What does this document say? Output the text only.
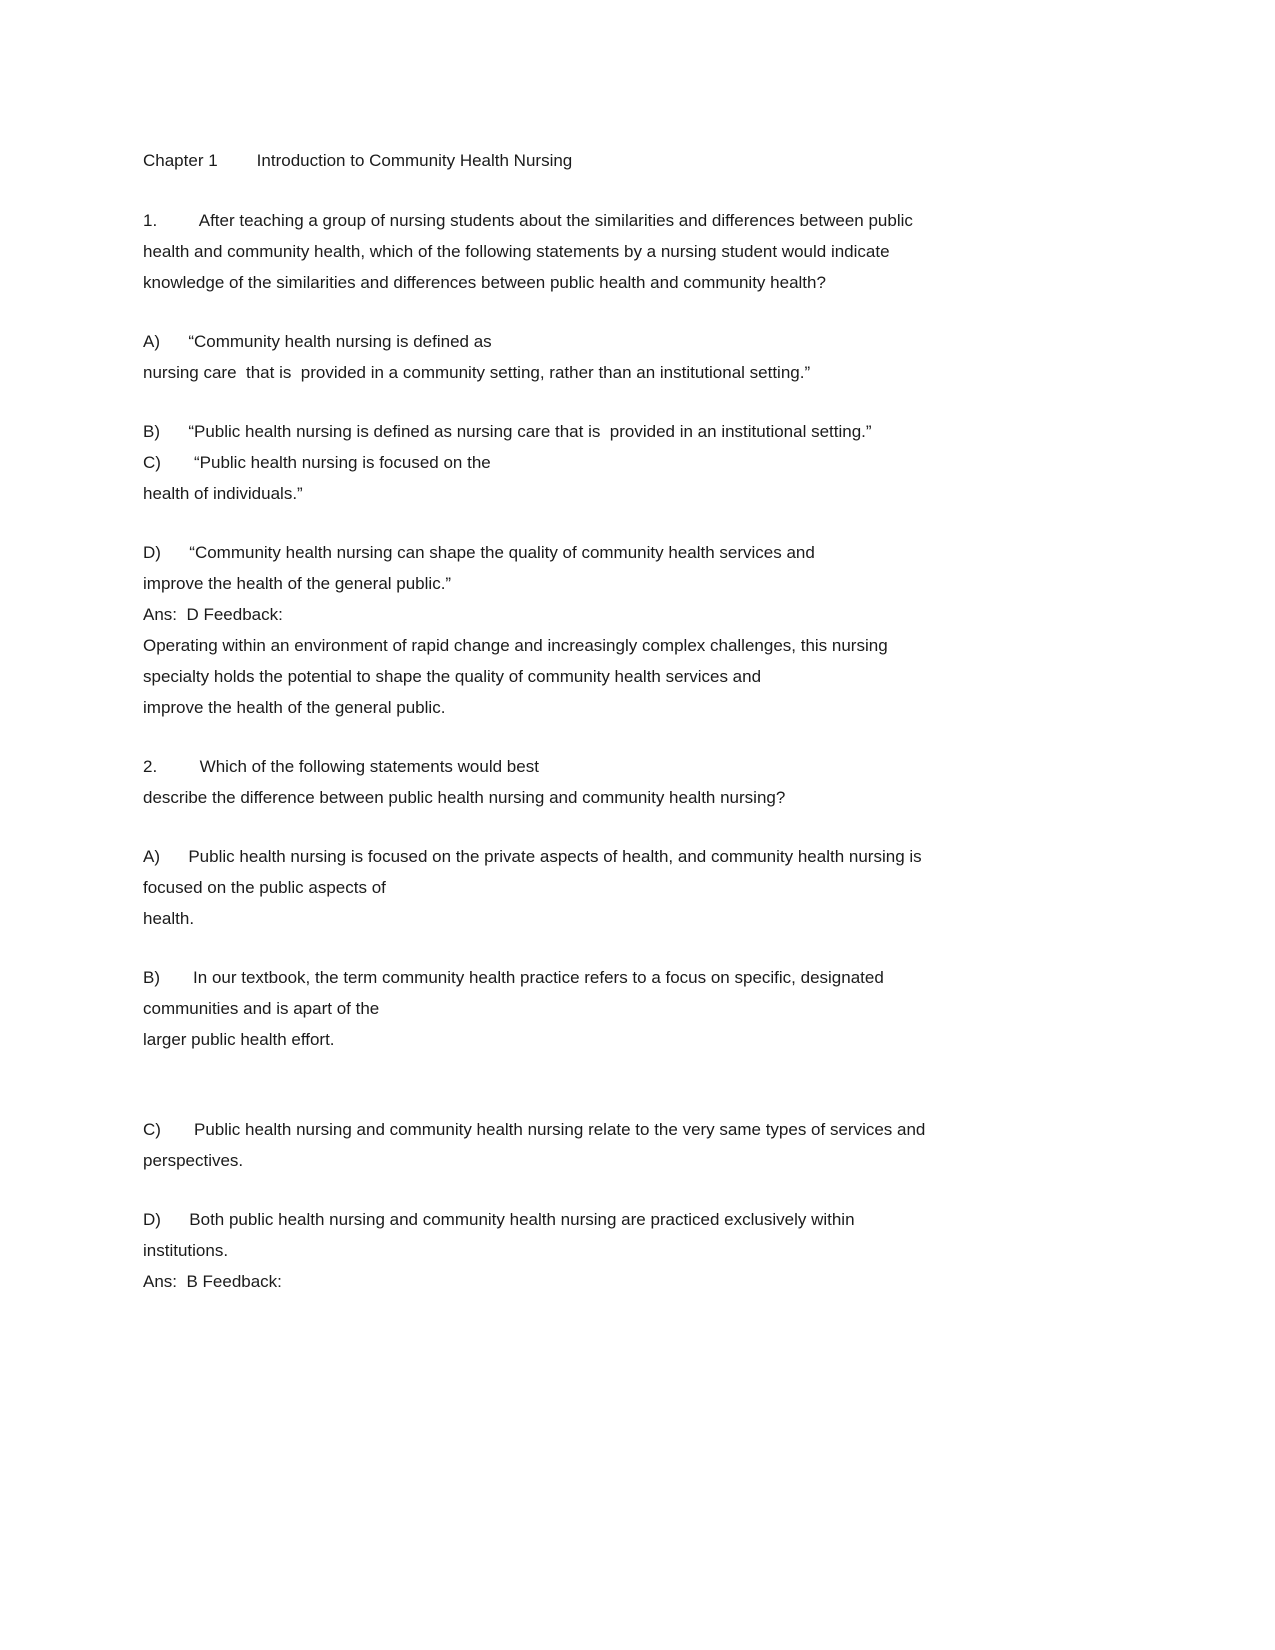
Chapter 1 Introduction to Community Health Nursing

1.         After teaching a group of nursing students about the similarities and differences between public
health and community health, which of the following statements by a nursing student would indicate
knowledge of the similarities and differences between public health and community health?

A)      “Community health nursing is defined as
nursing care  that is  provided in a community setting, rather than an institutional setting.”

B)      “Public health nursing is defined as nursing care that is  provided in an institutional setting.”
C)       “Public health nursing is focused on the
health of individuals.”

D)      “Community health nursing can shape the quality of community health services and
improve the health of the general public.”
Ans:  D Feedback:
Operating within an environment of rapid change and increasingly complex challenges, this nursing
specialty holds the potential to shape the quality of community health services and
improve the health of the general public.

2.         Which of the following statements would best
describe the difference between public health nursing and community health nursing?

A)      Public health nursing is focused on the private aspects of health, and community health nursing is
focused on the public aspects of
health.

B)       In our textbook, the term community health practice refers to a focus on specific, designated
communities and is apart of the
larger public health effort.

C)       Public health nursing and community health nursing relate to the very same types of services and
perspectives.

D)      Both public health nursing and community health nursing are practiced exclusively within
institutions.
Ans:  B Feedback:
